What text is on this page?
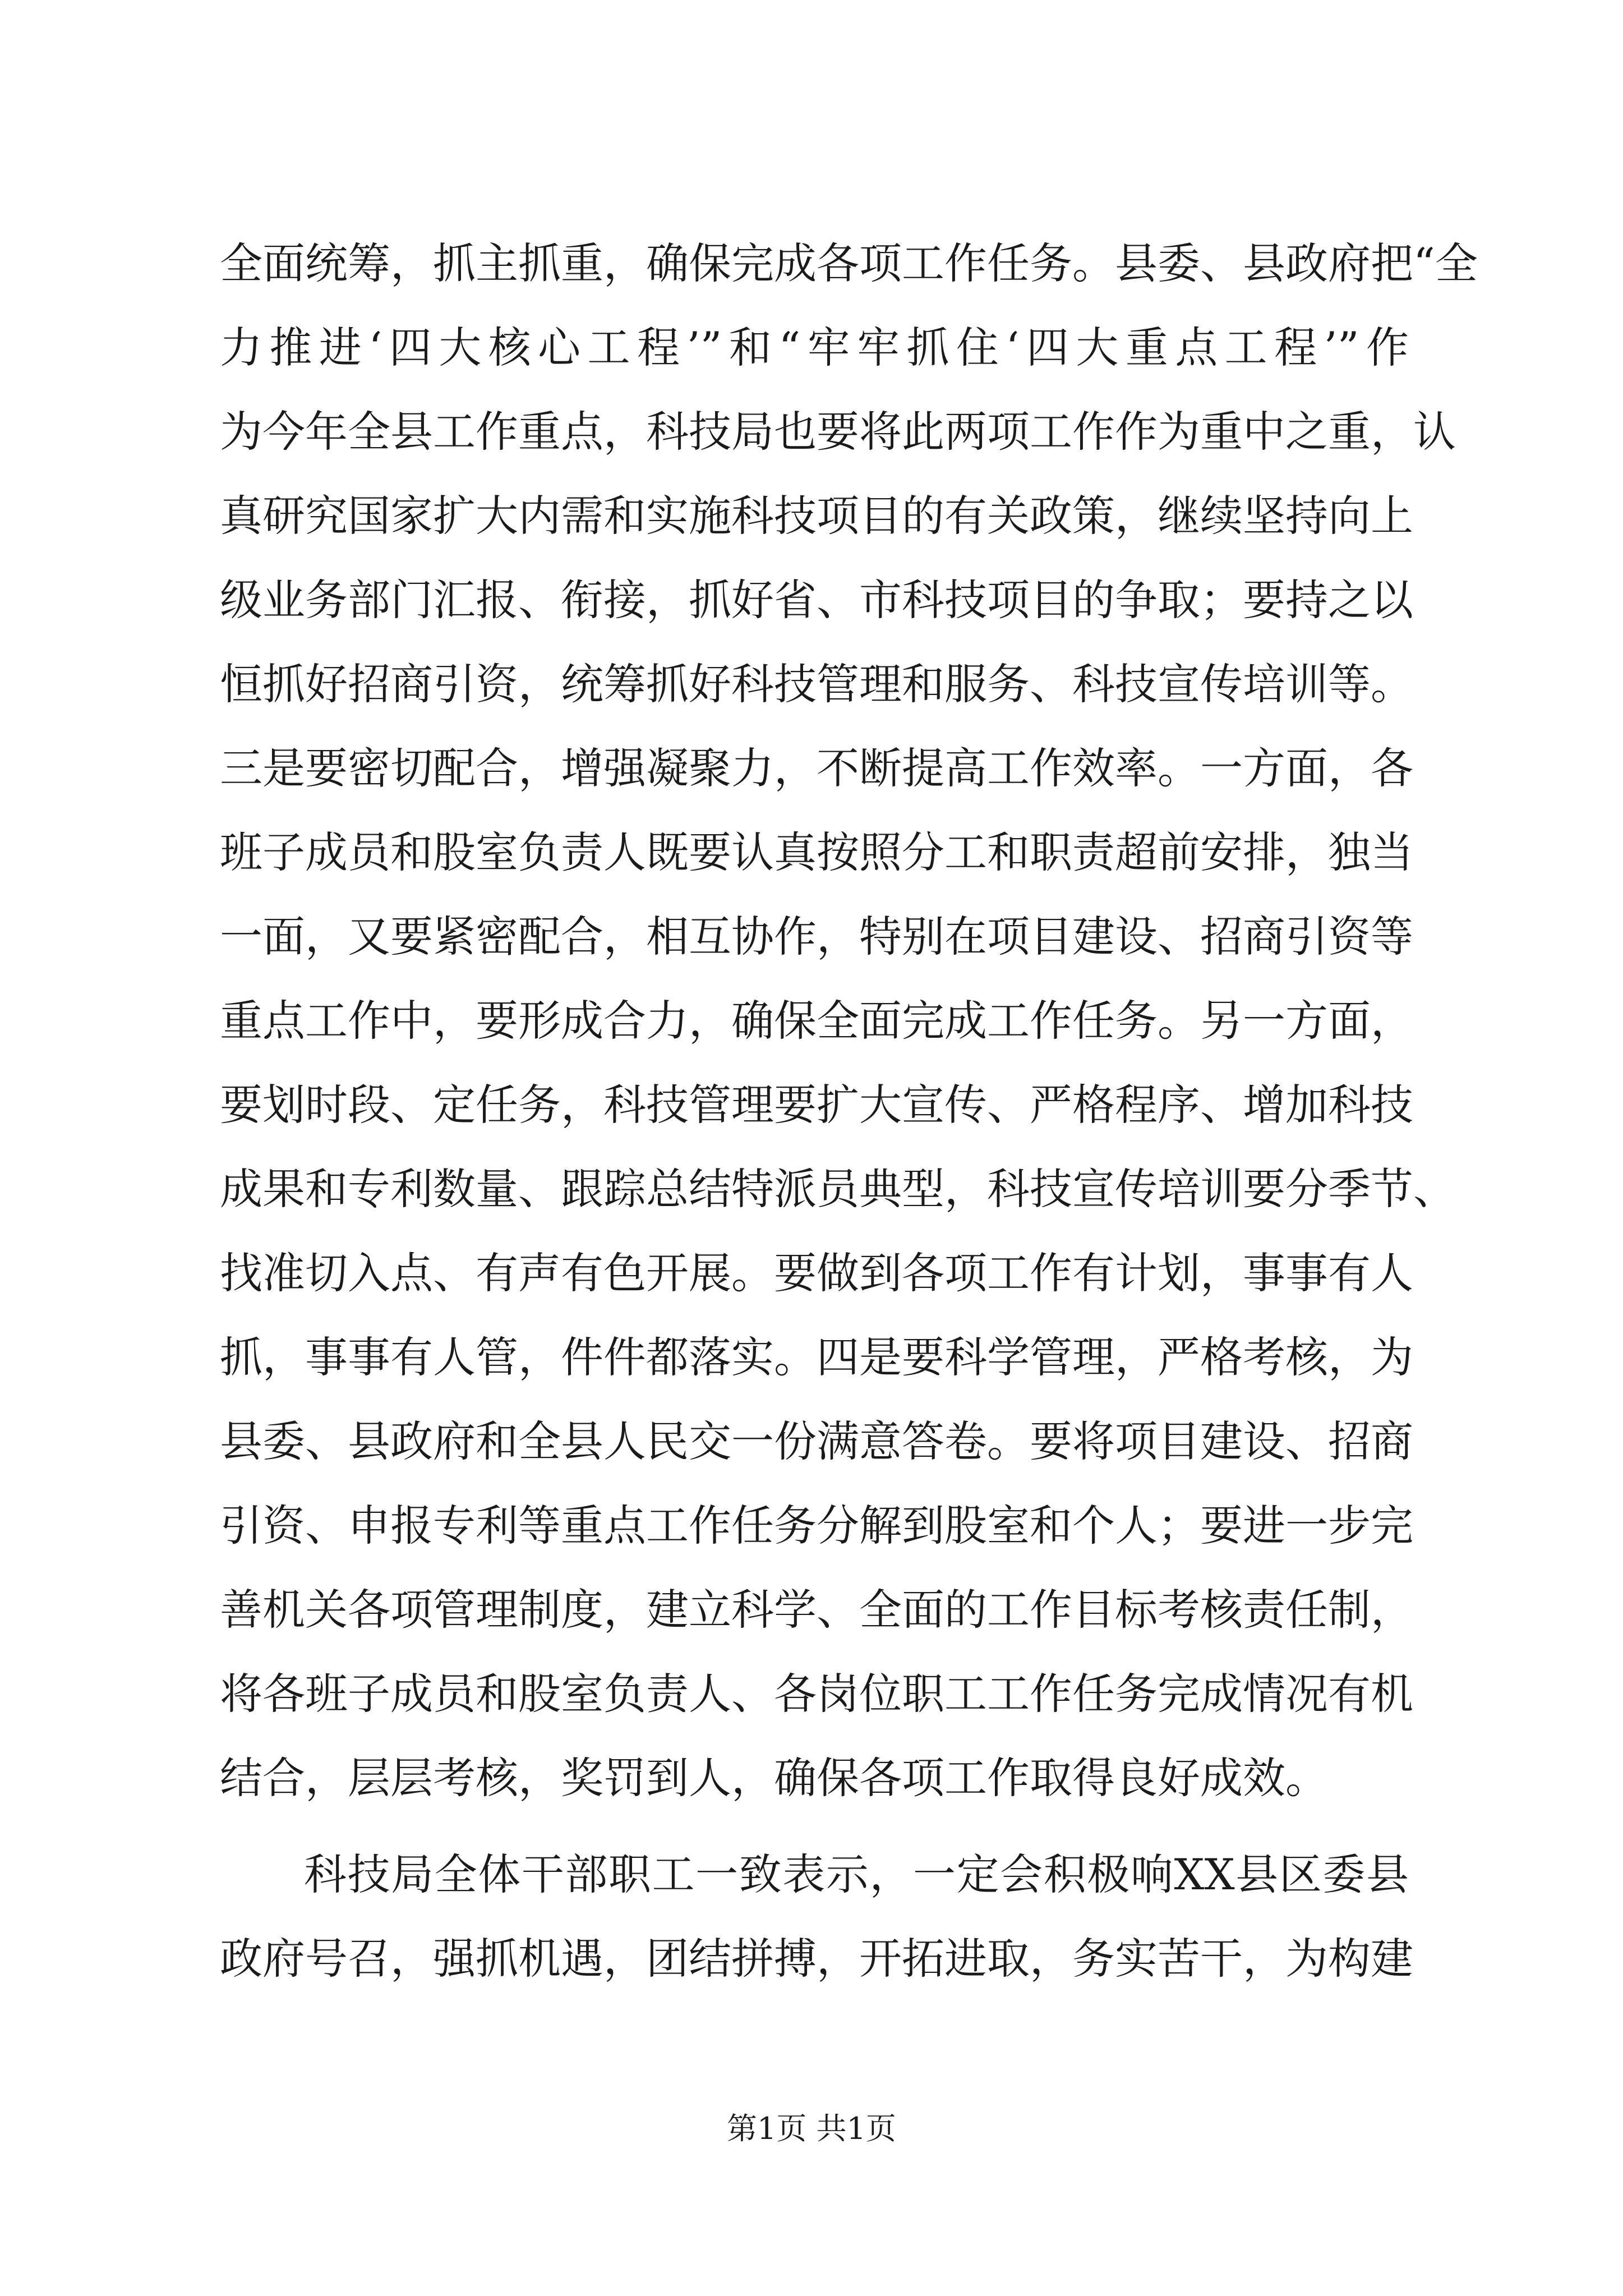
全面统筹，抓主抓重，确保完成各项工作任务。县委、县政府把“全
力推进‘四大核心工程’”和“牢牢抓住‘四大重点工程’”作
为今年全县工作重点，科技局也要将此两项工作作为重中之重，认
真研究国家扩大内需和实施科技项目的有关政策，继续坚持向上
级业务部门汇报、衔接，抓好省、市科技项目的争取；要持之以
恒抓好招商引资，统筹抓好科技管理和服务、科技宣传培训等。
三是要密切配合，增强凝聚力，不断提高工作效率。一方面，各
班子成员和股室负责人既要认真按照分工和职责超前安排，独当
一面，又要紧密配合，相互协作，特别在项目建设、招商引资等
重点工作中，要形成合力，确保全面完成工作任务。另一方面，
要划时段、定任务，科技管理要扩大宣传、严格程序、增加科技
成果和专利数量、跟踪总结特派员典型，科技宣传培训要分季节、
找准切入点、有声有色开展。要做到各项工作有计划，事事有人
抓，事事有人管，件件都落实。四是要科学管理，严格考核，为
县委、县政府和全县人民交一份满意答卷。要将项目建设、招商
引资、申报专利等重点工作任务分解到股室和个人；要进一步完
善机关各项管理制度，建立科学、全面的工作目标考核责任制，
将各班子成员和股室负责人、各岗位职工工作任务完成情况有机
结合，层层考核，奖罚到人，确保各项工作取得良好成效。
科技局全体干部职工一致表示，一定会积极响XX县区委县
政府号召，强抓机遇，团结拼搏，开拓进取，务实苦干，为构建
第1页 共1页
